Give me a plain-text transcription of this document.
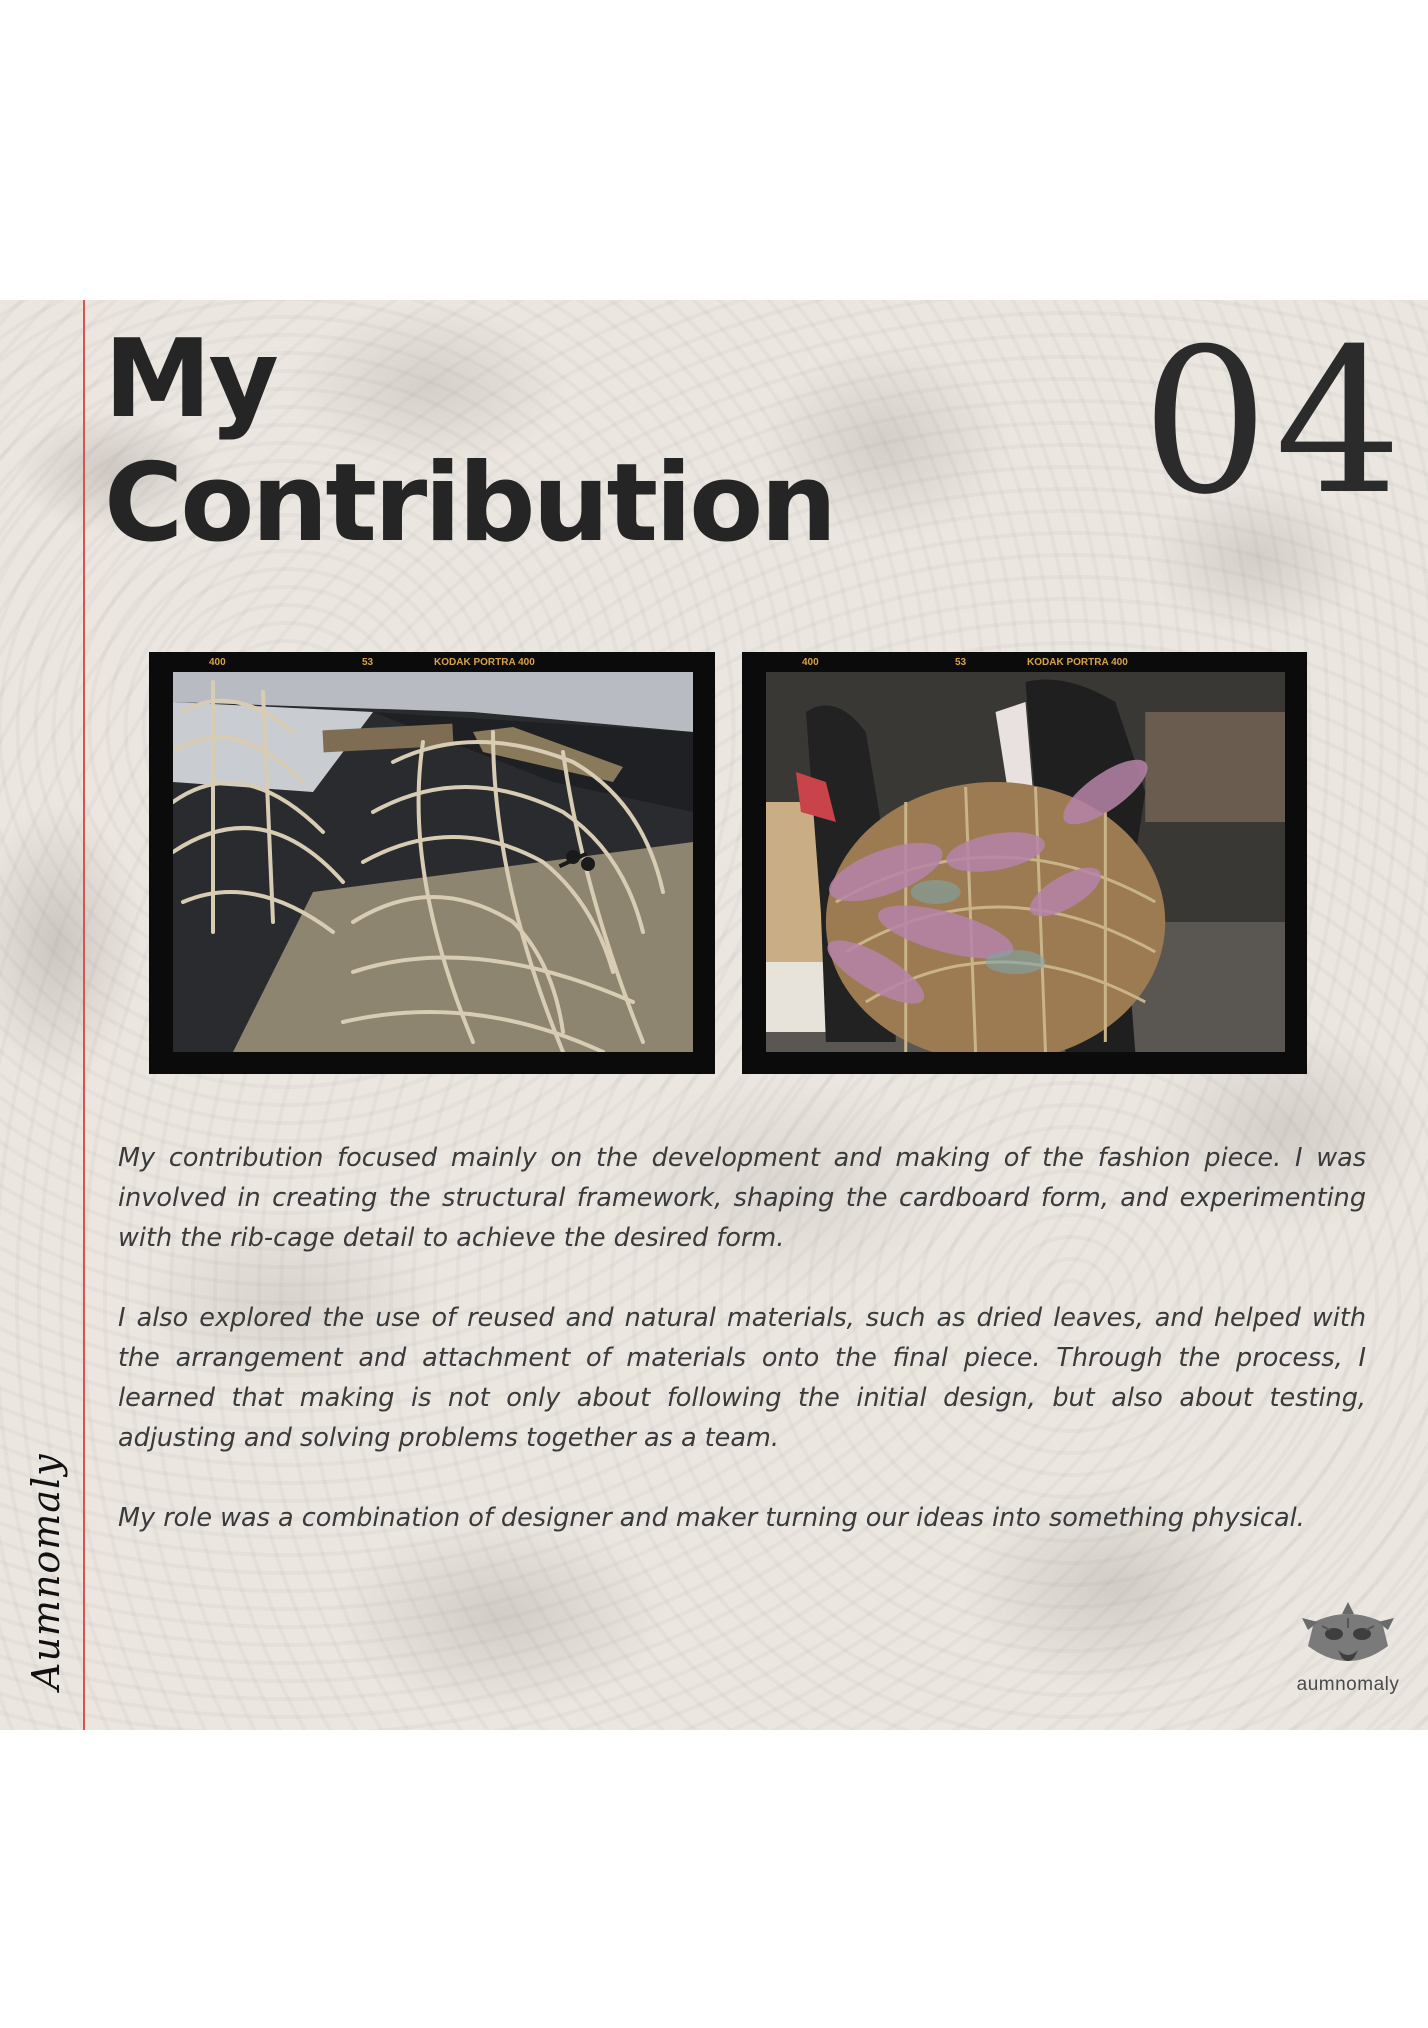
My Contribution	04
400	53	KODAK PORTRA 400	400	53	KODAK PORTRA 400

My contribution focused mainly on the development and making of the fashion piece. I was involved in creating the structural framework, shaping the cardboard form, and experimenting with the rib-cage detail to achieve the desired form.

I also explored the use of reused and natural materials, such as dried leaves, and helped with the arrangement and attachment of materials onto the final piece. Through the process, I learned that making is not only about following the initial design, but also about testing, adjusting and solving problems together as a team.

My role was a combination of designer and maker turning our ideas into something physical.

Aumnomaly	aumnomaly
